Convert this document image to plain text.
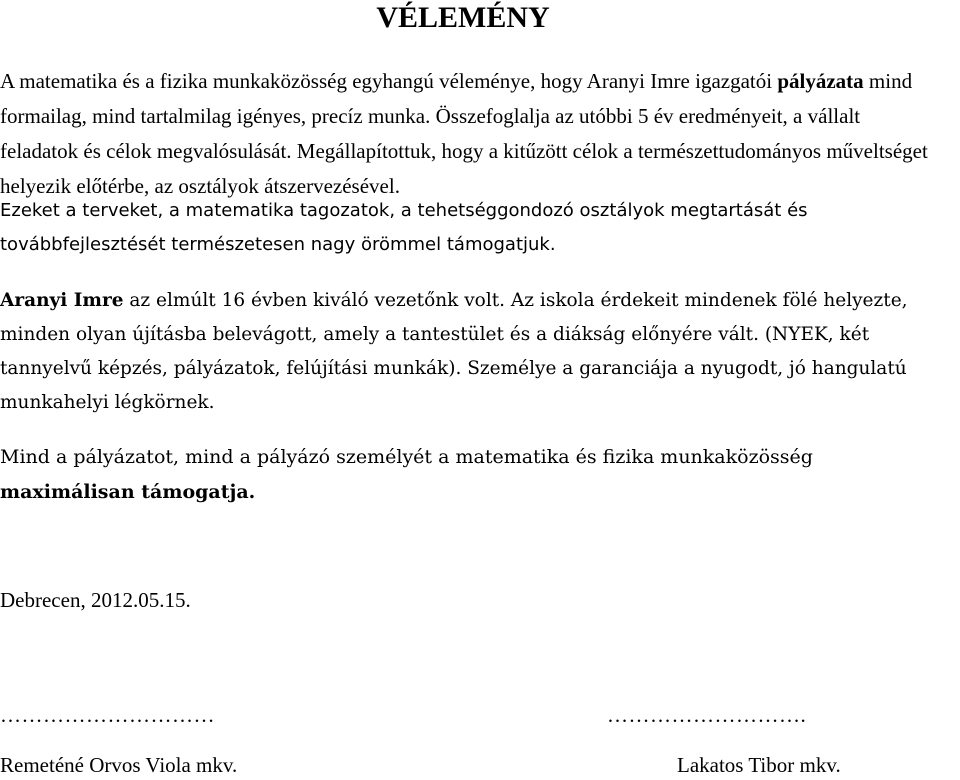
VÉLEMÉNY

A matematika és a fizika munkaközösség egyhangú véleménye, hogy Aranyi Imre igazgatói pályázata mind formailag, mind tartalmilag igényes, precíz munka. Összefoglalja az utóbbi 5 év eredményeit, a vállalt feladatok és célok megvalósulását. Megállapítottuk, hogy a kitűzött célok a természettudományos műveltséget helyezik előtérbe, az osztályok átszervezésével.

Ezeket a terveket, a matematika tagozatok, a tehetséggondozó osztályok megtartását és továbbfejlesztését természetesen nagy örömmel támogatjuk.

Aranyi Imre az elmúlt 16 évben kiváló vezetőnk volt. Az iskola érdekeit mindenek fölé helyezte, minden olyan újításba belevágott, amely a tantestület és a diákság előnyére vált. (NYEK, két tannyelvű képzés, pályázatok, felújítási munkák). Személye a garanciája a nyugodt, jó hangulatú munkahelyi légkörnek.

Mind a pályázatot, mind a pályázó személyét a matematika és fizika munkaközösség maximálisan támogatja.

Debrecen, 2012.05.15.
…………………………	……………………….
Remeténé Orvos Viola mkv.	Lakatos Tibor mkv.
